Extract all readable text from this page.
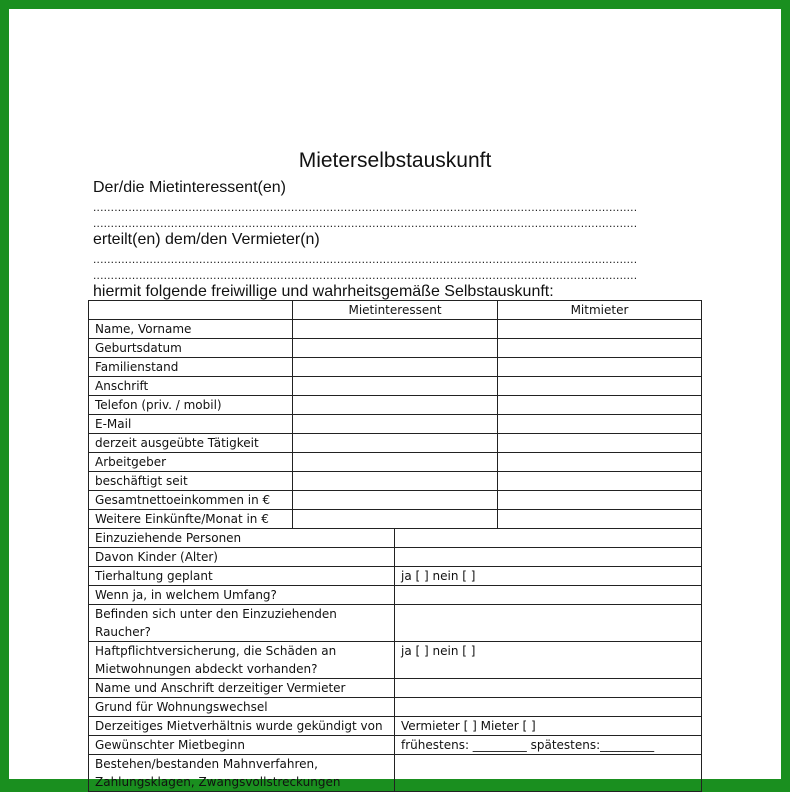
Mieterselbstauskunft
Der/die Mietinteressent(en)
..........................................................................................................................................................
..........................................................................................................................................................
erteilt(en) dem/den Vermieter(n)
..........................................................................................................................................................
..........................................................................................................................................................
hiermit folgende freiwillige und wahrheitsgemäße Selbstauskunft:
	Mietinteressent		Mitmieter
Name, Vorname			
Geburtsdatum			
Familienstand			
Anschrift			
Telefon (priv. / mobil)			
E-Mail			
derzeit ausgeübte Tätigkeit			
Arbeitgeber			
beschäftigt seit			
Gesamtnettoeinkommen in €			
Weitere Einkünfte/Monat in €			
Einzuziehende Personen			
Davon Kinder (Alter)			
Tierhaltung geplant		ja [ ] nein [ ]	
Wenn ja, in welchem Umfang?			
Befinden sich unter den Einzuziehenden Raucher?			
Haftpflichtversicherung, die Schäden an Mietwohnungen abdeckt vorhanden?		ja [ ] nein [ ]	
Name und Anschrift derzeitiger Vermieter			
Grund für Wohnungswechsel			
Derzeitiges Mietverhältnis wurde gekündigt von		Vermieter [ ] Mieter [ ]	
Gewünschter Mietbeginn		frühestens: _________ spätestens:_________	
Bestehen/bestanden Mahnverfahren, Zahlungsklagen, Zwangsvollstreckungen			
